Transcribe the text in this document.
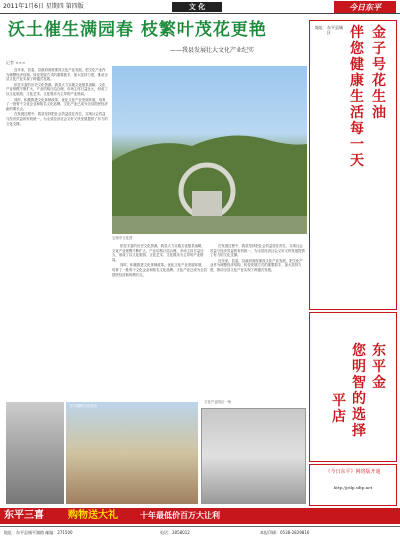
2011年1月6日 星期四 第四版	文 化	今日东平
沃土催生满园春 枝繁叶茂花更艳
——我县发展壮大文化产业纪实
记者 ×××

近年来，县委、县政府高度重视文化产业发展，把文化产业作为调整经济结构、转变发展方式的重要抓手，加大扶持力度，推动全县文化产业实现了跨越式发展。

依托丰富的历史文化资源，我县大力实施文化强县战略，文化产业规模不断扩大，产业结构日趋合理，市场主体日益壮大，形成了以文化旅游、文化艺术、文化娱乐为主导的产业格局。

同时，积极推进文化体制改革，优化文化产业发展环境，培育了一批骨干文化企业和知名文化品牌，文化产业已成为全县国民经济新的增长点。

在发展过程中，我县坚持把社会效益放在首位，实现社会效益与经济效益的有机统一，为全县经济社会又好又快发展提供了有力的文化支撑。

宝相寺文化园

依托丰富的历史文化资源，我县大力实施文化强县战略，文化产业规模不断扩大，产业结构日趋合理，市场主体日益壮大，形成了以文化旅游、文化艺术、文化娱乐为主导的产业格局。

同时，积极推进文化体制改革，优化文化产业发展环境，培育了一批骨干文化企业和知名文化品牌，文化产业已成为全县国民经济新的增长点。

在发展过程中，我县坚持把社会效益放在首位，实现社会效益与经济效益的有机统一，为全县经济社会又好又快发展提供了有力的文化支撑。

近年来，县委、县政府高度重视文化产业发展，把文化产业作为调整经济结构、转变发展方式的重要抓手，加大扶持力度，推动全县文化产业实现了跨越式发展。

金子号花生油
伴您健康生活每一天
地址：东平县城区
东平金
您明智的选择
平店
《今日东平》网络版开通
http://jrdp.sdtp.net
东平湖畔文化演出
文化产业园区一角
东平三喜 购物送大礼	十年最低价百万大让利
地址：东平县城平湖路 邮编：271500	电话：2858012	本报印刷：0538-2829816
